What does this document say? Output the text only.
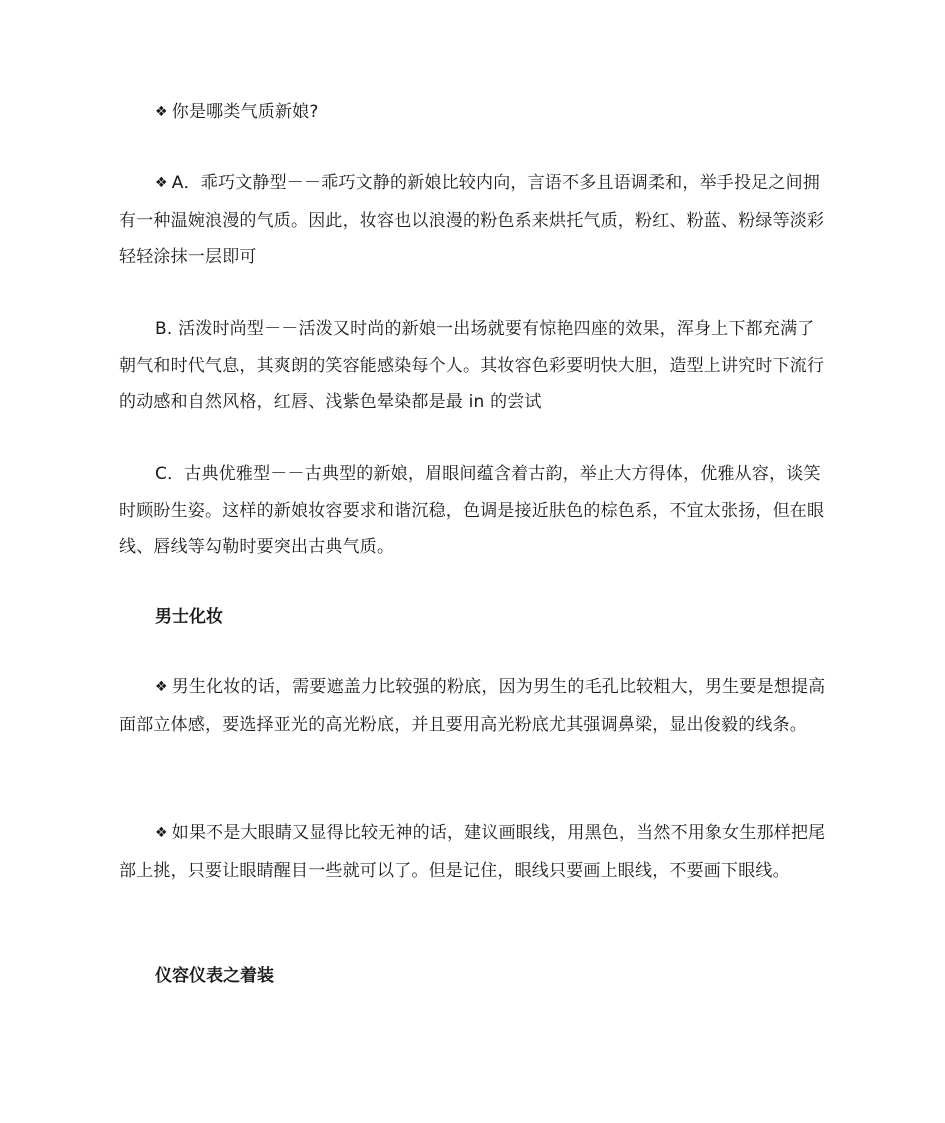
❖ 你是哪类气质新娘?

❖ A．乖巧文静型－－乖巧文静的新娘比较内向，言语不多且语调柔和，举手投足之间拥有一种温婉浪漫的气质。因此，妆容也以浪漫的粉色系来烘托气质，粉红、粉蓝、粉绿等淡彩轻轻涂抹一层即可

B. 活泼时尚型－－活泼又时尚的新娘一出场就要有惊艳四座的效果，浑身上下都充满了朝气和时代气息，其爽朗的笑容能感染每个人。其妆容色彩要明快大胆，造型上讲究时下流行的动感和自然风格，红唇、浅紫色晕染都是最 in 的尝试

C．古典优雅型－－古典型的新娘，眉眼间蕴含着古韵，举止大方得体，优雅从容，谈笑时顾盼生姿。这样的新娘妆容要求和谐沉稳，色调是接近肤色的棕色系，不宜太张扬，但在眼线、唇线等勾勒时要突出古典气质。

男士化妆

❖ 男生化妆的话，需要遮盖力比较强的粉底，因为男生的毛孔比较粗大，男生要是想提高面部立体感，要选择亚光的高光粉底，并且要用高光粉底尤其强调鼻梁，显出俊毅的线条。

❖ 如果不是大眼睛又显得比较无神的话，建议画眼线，用黑色，当然不用象女生那样把尾部上挑，只要让眼睛醒目一些就可以了。但是记住，眼线只要画上眼线，不要画下眼线。

仪容仪表之着装
